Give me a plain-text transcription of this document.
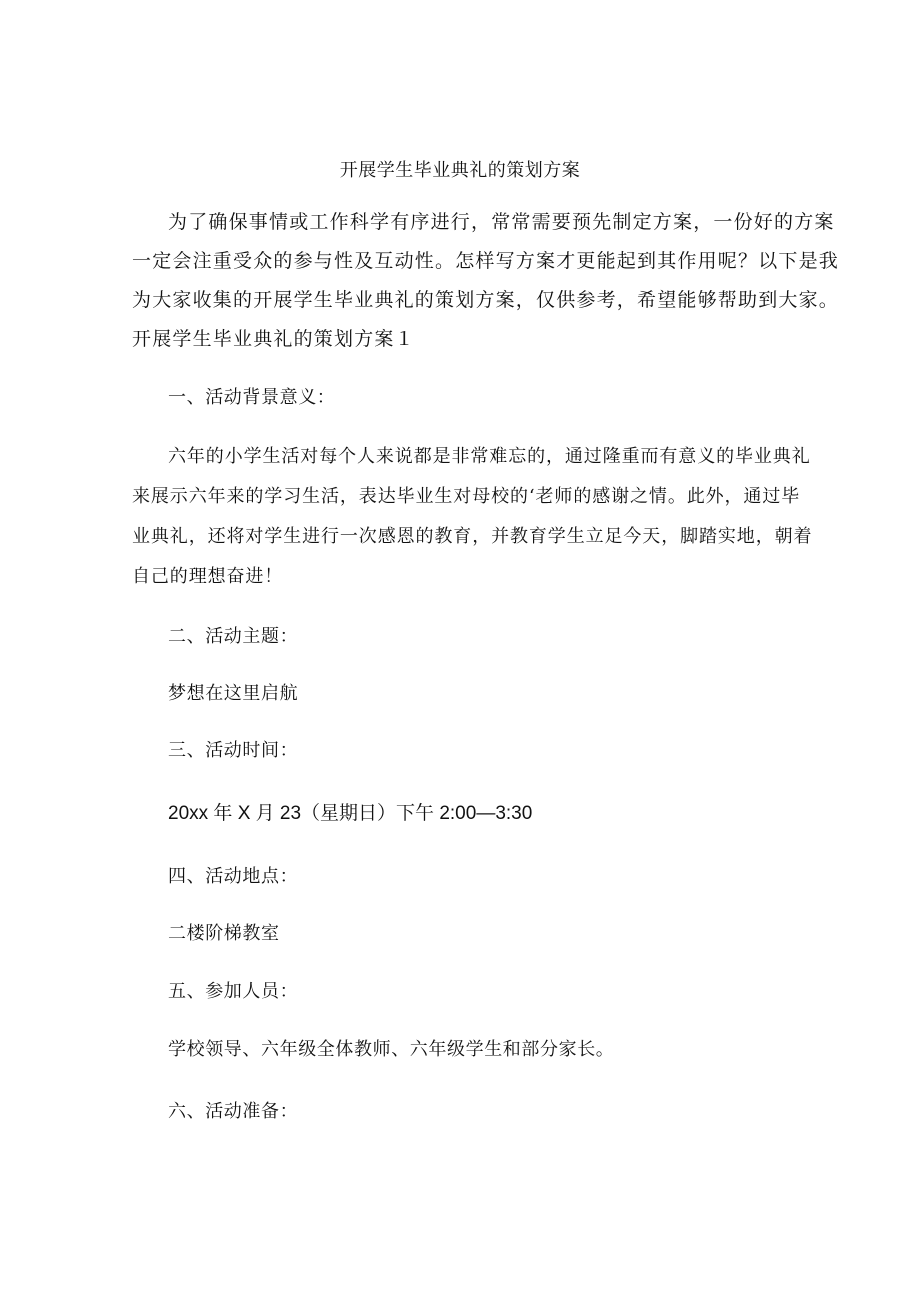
开展学生毕业典礼的策划方案
为了确保事情或工作科学有序进行，常常需要预先制定方案，一份好的方案
一定会注重受众的参与性及互动性。怎样写方案才更能起到其作用呢？以下是我
为大家收集的开展学生毕业典礼的策划方案，仅供参考，希望能够帮助到大家。
开展学生毕业典礼的策划方案１
一、活动背景意义：
六年的小学生活对每个人来说都是非常难忘的，通过隆重而有意义的毕业典礼
来展示六年来的学习生活，表达毕业生对母校的‘老师的感谢之情。此外，通过毕
业典礼，还将对学生进行一次感恩的教育，并教育学生立足今天，脚踏实地，朝着
自己的理想奋进！
二、活动主题：
梦想在这里启航
三、活动时间：
20xx 年 X 月 23（星期日）下午 2:00—3:30
四、活动地点：
二楼阶梯教室
五、参加人员：
学校领导、六年级全体教师、六年级学生和部分家长。
六、活动准备：
